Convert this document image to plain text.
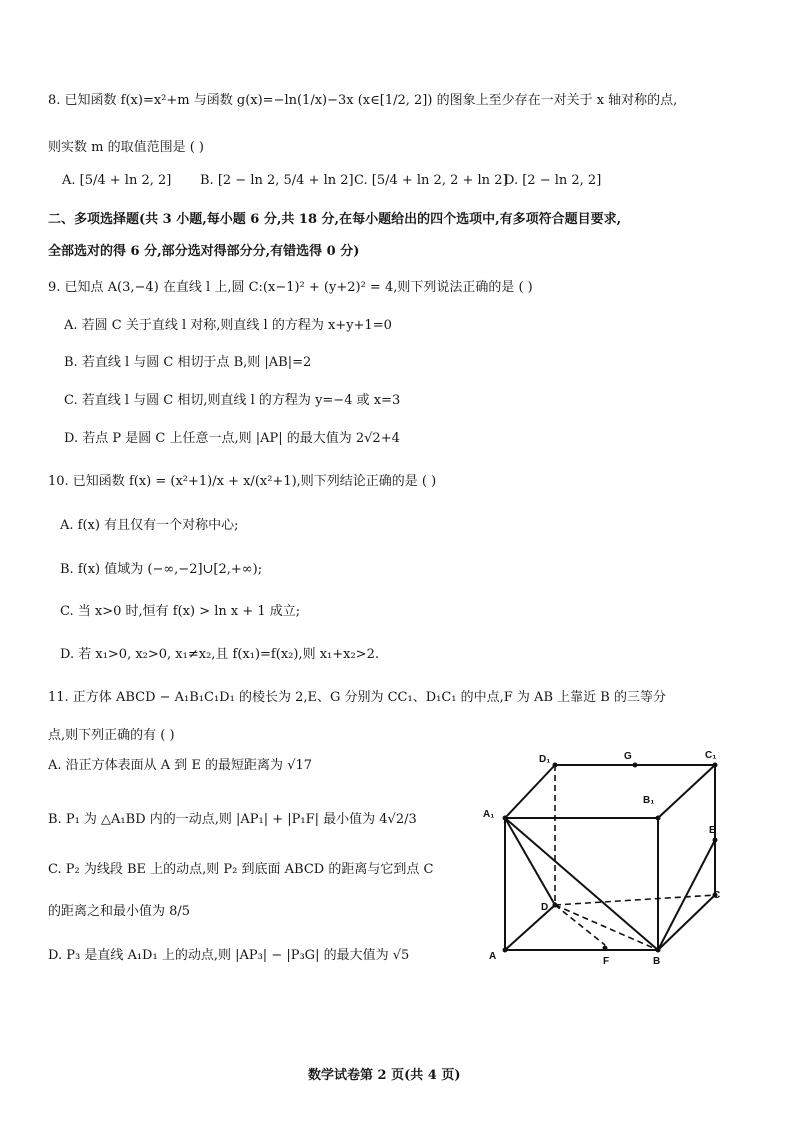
8. 已知函数 f(x)=x²+m 与函数 g(x)=−ln(1/x)−3x (x∈[1/2, 2]) 的图象上至少存在一对关于 x 轴对称的点,
则实数 m 的取值范围是 ( )
A. [5/4 + ln 2, 2] B. [2 − ln 2, 5/4 + ln 2] C. [5/4 + ln 2, 2 + ln 2]
D. [2 − ln 2, 2]
二、多项选择题(共 3 小题,每小题 6 分,共 18 分,在每小题给出的四个选项中,有多项符合题目要求,
全部选对的得 6 分,部分选对得部分分,有错选得 0 分)
9. 已知点 A(3,−4) 在直线 l 上,圆 C:(x−1)² + (y+2)² = 4,则下列说法正确的是 ( )
A. 若圆 C 关于直线 l 对称,则直线 l 的方程为 x+y+1=0
B. 若直线 l 与圆 C 相切于点 B,则 |AB|=2
C. 若直线 l 与圆 C 相切,则直线 l 的方程为 y=−4 或 x=3
D. 若点 P 是圆 C 上任意一点,则 |AP| 的最大值为 2√2+4
10. 已知函数 f(x) = (x²+1)/x + x/(x²+1),则下列结论正确的是 ( )
A. f(x) 有且仅有一个对称中心;
B. f(x) 值域为 (−∞,−2]∪[2,+∞);
C. 当 x>0 时,恒有 f(x) > ln x + 1 成立;
D. 若 x₁>0, x₂>0, x₁≠x₂,且 f(x₁)=f(x₂),则 x₁+x₂>2.
11. 正方体 ABCD − A₁B₁C₁D₁ 的棱长为 2,E、G 分别为 CC₁、D₁C₁ 的中点,F 为 AB 上靠近 B 的三等分
点,则下列正确的有 ( )
A. 沿正方体表面从 A 到 E 的最短距离为 √17
B. P₁ 为 △A₁BD 内的一动点,则 |AP₁| + |P₁F| 最小值为 4√2/3
C. P₂ 为线段 BE 上的动点,则 P₂ 到底面 ABCD 的距离与它到点 C
的距离之和最小值为 8/5
D. P₃ 是直线 A₁D₁ 上的动点,则 |AP₃| − |P₃G| 的最大值为 √5
D₁	G	C₁
B₁
A₁
E
C
D
A	F	B
数学试卷第 2 页(共 4 页)
